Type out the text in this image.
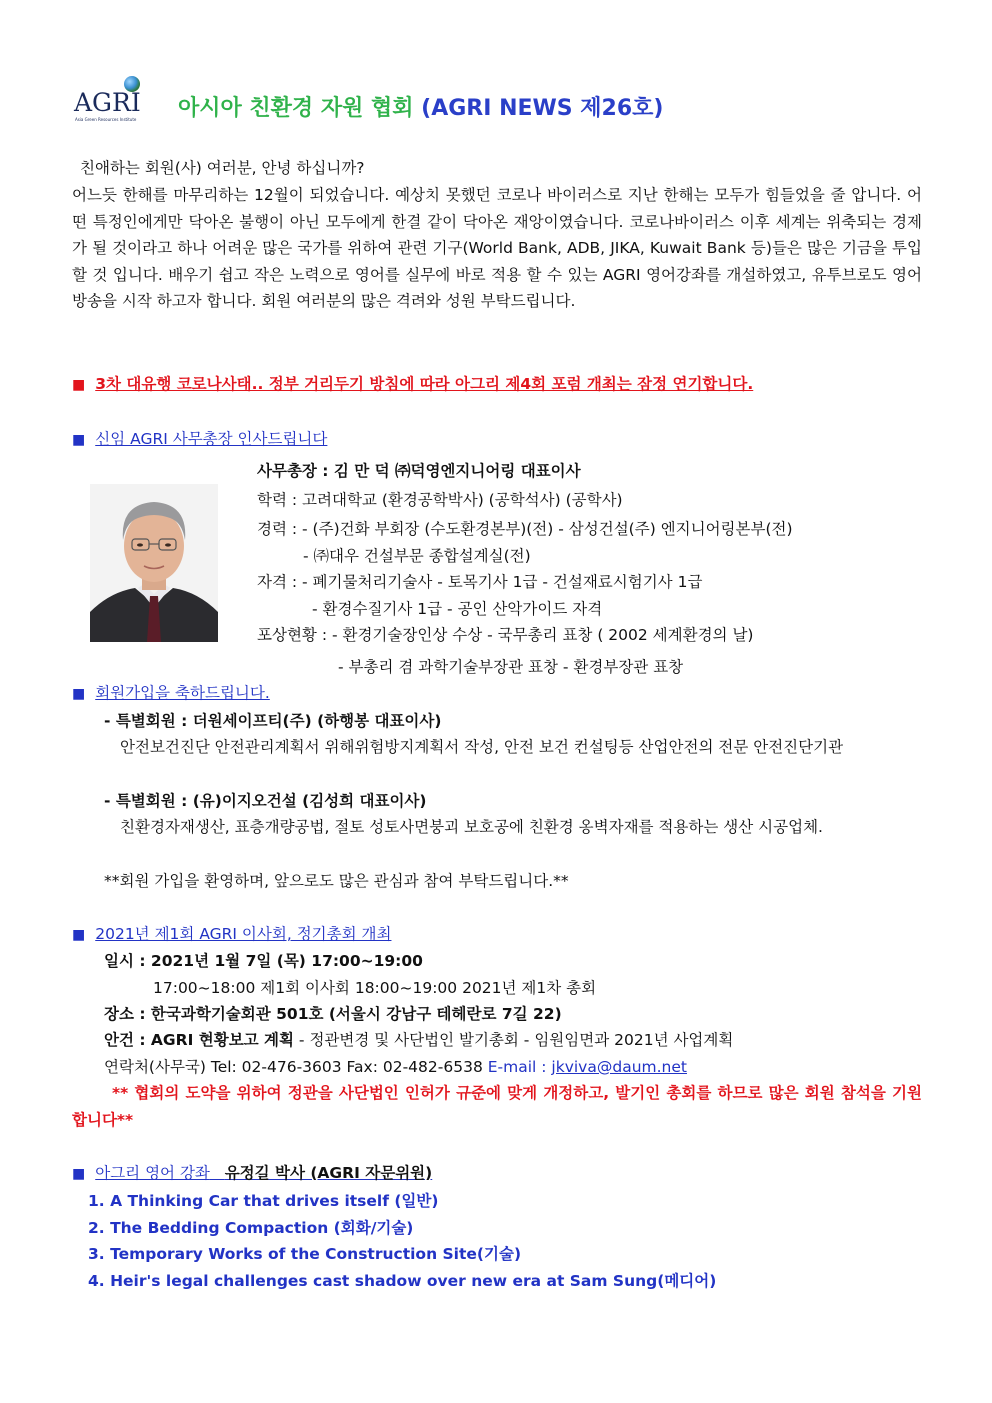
AGRI
Asia Green Resources Institute 아시아 친환경 자원 협회 (AGRI NEWS 제26호)
친애하는 회원(사) 여러분, 안녕 하십니까?
어느듯 한해를 마무리하는 12월이 되었습니다. 예상치 못했던 코로나 바이러스로 지난 한해는 모두가 힘들었을 줄 압니다. 어떤 특정인에게만 닥아온 불행이 아닌 모두에게 한결 같이 닥아온 재앙이였습니다. 코로나바이러스 이후 세계는 위축되는 경제가 될 것이라고 하나 어려운 많은 국가를 위하여 관련 기구(World Bank, ADB, JIKA, Kuwait Bank 등)들은 많은 기금을 투입 할 것 입니다. 배우기 쉽고 작은 노력으로 영어를 실무에 바로 적용 할 수 있는 AGRI 영어강좌를 개설하였고, 유투브로도 영어 방송을 시작 하고자 합니다. 회원 여러분의 많은 격려와 성원 부탁드립니다.
■ 3차 대유행 코로나사태.. 정부 거리두기 방침에 따라 아그리 제4회 포럼 개최는 잠정 연기합니다.
■ 신임 AGRI 사무총장 인사드립니다
사무총장 : 김 만 덕 ㈜덕영엔지니어링 대표이사
학력 : 고려대학교 (환경공학박사) (공학석사) (공학사)
경력 : - (주)건화 부회장 (수도환경본부)(전) - 삼성건설(주) 엔지니어링본부(전)
- ㈜대우 건설부문 종합설계실(전)
자격 : - 폐기물처리기술사 - 토목기사 1급 - 건설재료시험기사 1급
- 환경수질기사 1급 - 공인 산악가이드 자격
포상현황 : - 환경기술장인상 수상 - 국무총리 표창 ( 2002 세계환경의 날)
- 부총리 겸 과학기술부장관 표창 - 환경부장관 표창
■ 회원가입을 축하드립니다.
- 특별회원 : 더원세이프티(주) (하행봉 대표이사)
안전보건진단 안전관리계획서 위해위험방지계획서 작성, 안전 보건 컨설팅등 산업안전의 전문 안전진단기관
- 특별회원 : (유)이지오건설 (김성희 대표이사)
친환경자재생산, 표층개량공법, 절토 성토사면붕괴 보호공에 친환경 옹벽자재를 적용하는 생산 시공업체.
**회원 가입을 환영하며, 앞으로도 많은 관심과 참여 부탁드립니다.**
■ 2021년 제1회 AGRI 이사회, 정기총회 개최
일시 : 2021년 1월 7일 (목) 17:00~19:00
17:00~18:00 제1회 이사회 18:00~19:00 2021년 제1차 총회
장소 : 한국과학기술회관 501호 (서울시 강남구 테헤란로 7길 22)
안건 : AGRI 현황보고 계획 - 정관변경 및 사단법인 발기총회 - 임원임면과 2021년 사업계획
연락처(사무국) Tel: 02-476-3603 Fax: 02-482-6538 E-mail : jkviva@daum.net
** 협회의 도약을 위하여 정관을 사단법인 인허가 규준에 맞게 개정하고, 발기인 총회를 하므로 많은 회원 참석을 기원합니다**
■ 아그리 영어 강좌 유정길 박사 (AGRI 자문위원)
1. A Thinking Car that drives itself (일반)
2. The Bedding Compaction (회화/기술)
3. Temporary Works of the Construction Site(기술)
4. Heir's legal challenges cast shadow over new era at Sam Sung(메디어)
